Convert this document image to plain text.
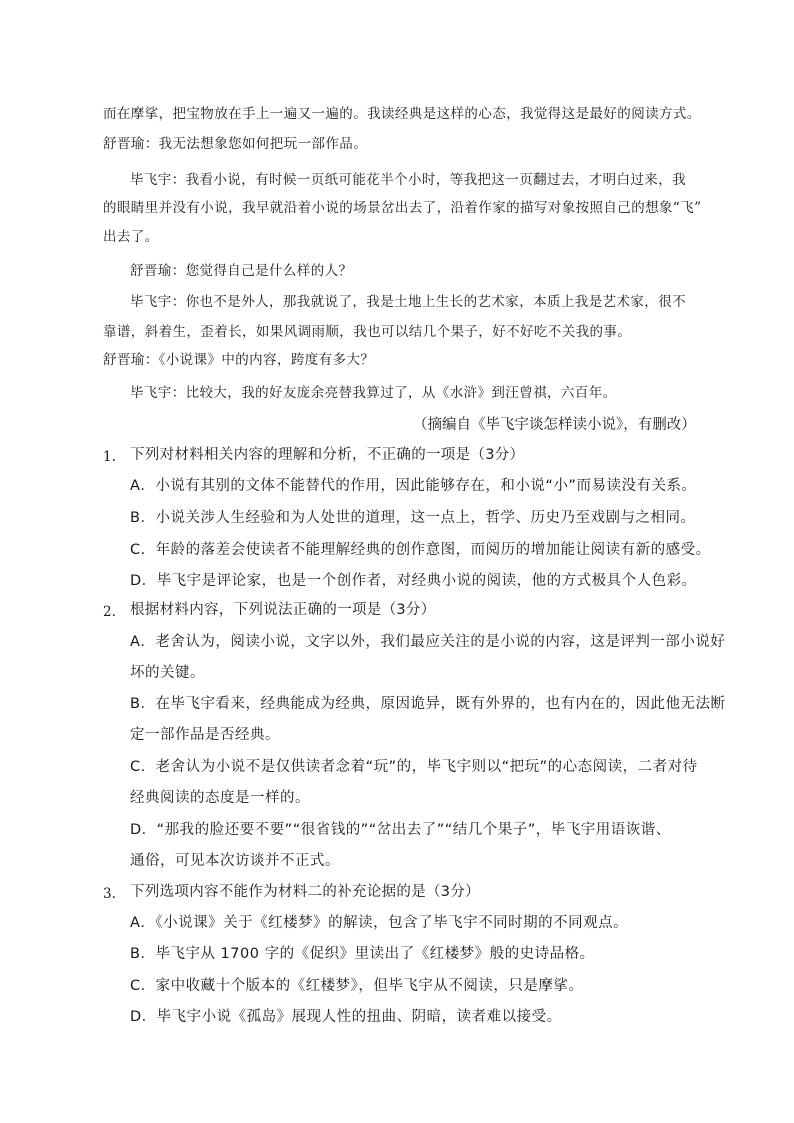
而在摩挲，把宝物放在手上一遍又一遍的。我读经典是这样的心态，我觉得这是最好的阅读方式。
舒晋瑜：我无法想象您如何把玩一部作品。
毕飞宇：我看小说，有时候一页纸可能花半个小时，等我把这一页翻过去，才明白过来，我
的眼睛里并没有小说，我早就沿着小说的场景岔出去了，沿着作家的描写对象按照自己的想象“飞”
出去了。
舒晋瑜：您觉得自己是什么样的人？
毕飞宇：你也不是外人，那我就说了，我是土地上生长的艺术家，本质上我是艺术家，很不
靠谱，斜着生，歪着长，如果风调雨顺，我也可以结几个果子，好不好吃不关我的事。
舒晋瑜：《小说课》中的内容，跨度有多大？
毕飞宇：比较大，我的好友庞余亮替我算过了，从《水浒》到汪曾祺，六百年。
（摘编自《毕飞宇谈怎样读小说》，有删改）
1. 下列对材料相关内容的理解和分析，不正确的一项是（3分）
A．小说有其别的文体不能替代的作用，因此能够存在，和小说“小”而易读没有关系。
B．小说关涉人生经验和为人处世的道理，这一点上，哲学、历史乃至戏剧与之相同。
C．年龄的落差会使读者不能理解经典的创作意图，而阅历的增加能让阅读有新的感受。
D．毕飞宇是评论家，也是一个创作者，对经典小说的阅读，他的方式极具个人色彩。
2. 根据材料内容，下列说法正确的一项是（3分）
A．老舍认为，阅读小说，文字以外，我们最应关注的是小说的内容，这是评判一部小说好
坏的关键。
B．在毕飞宇看来，经典能成为经典，原因诡异，既有外界的，也有内在的，因此他无法断
定一部作品是否经典。
C．老舍认为小说不是仅供读者念着“玩”的，毕飞宇则以“把玩”的心态阅读，二者对待
经典阅读的态度是一样的。
D．“那我的脸还要不要”“很省钱的”“岔出去了”“结几个果子”，毕飞宇用语诙谐、
通俗，可见本次访谈并不正式。
3. 下列选项内容不能作为材料二的补充论据的是（3分）
A．《小说课》关于《红楼梦》的解读，包含了毕飞宇不同时期的不同观点。
B．毕飞宇从 1700 字的《促织》里读出了《红楼梦》般的史诗品格。
C．家中收藏十个版本的《红楼梦》，但毕飞宇从不阅读，只是摩挲。
D．毕飞宇小说《孤岛》展现人性的扭曲、阴暗，读者难以接受。
